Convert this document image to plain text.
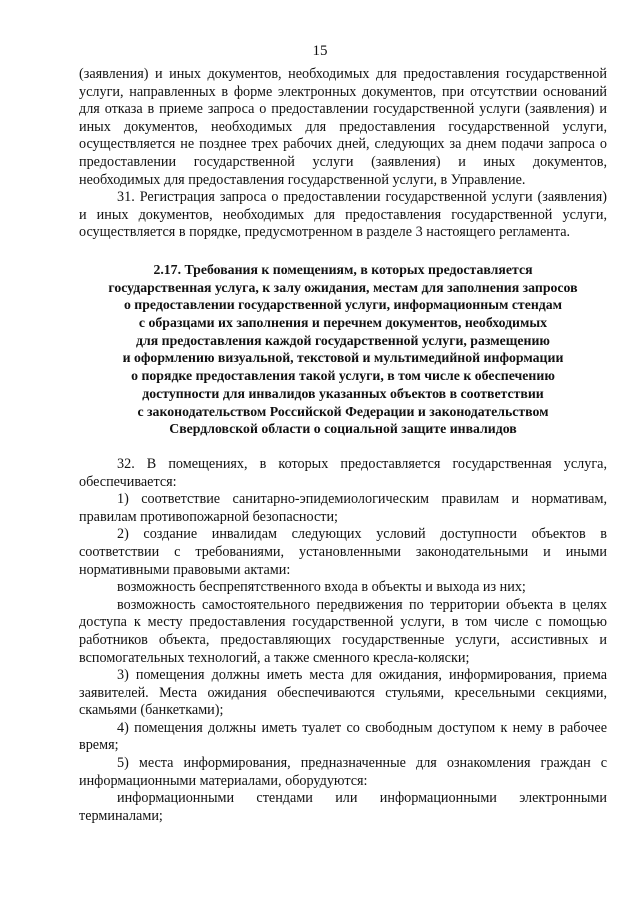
15

(заявления) и иных документов, необходимых для предоставления государственной услуги, направленных в форме электронных документов, при отсутствии оснований для отказа в приеме запроса о предоставлении государственной услуги (заявления) и иных документов, необходимых для предоставления государственной услуги, осуществляется не позднее трех рабочих дней, следующих за днем подачи запроса о предоставлении государственной услуги (заявления) и иных документов, необходимых для предоставления государственной услуги, в Управление.

31. Регистрация запроса о предоставлении государственной услуги (заявления) и иных документов, необходимых для предоставления государственной услуги, осуществляется в порядке, предусмотренном в разделе 3 настоящего регламента.

2.17. Требования к помещениям, в которых предоставляется
государственная услуга, к залу ожидания, местам для заполнения запросов
о предоставлении государственной услуги, информационным стендам
с образцами их заполнения и перечнем документов, необходимых
для предоставления каждой государственной услуги, размещению
и оформлению визуальной, текстовой и мультимедийной информации
о порядке предоставления такой услуги, в том числе к обеспечению
доступности для инвалидов указанных объектов в соответствии
с законодательством Российской Федерации и законодательством
Свердловской области о социальной защите инвалидов

32. В помещениях, в которых предоставляется государственная услуга, обеспечивается:

1) соответствие санитарно-эпидемиологическим правилам и нормативам, правилам противопожарной безопасности;

2) создание инвалидам следующих условий доступности объектов в соответствии с требованиями, установленными законодательными и иными нормативными правовыми актами:

возможность беспрепятственного входа в объекты и выхода из них;

возможность самостоятельного передвижения по территории объекта в целях доступа к месту предоставления государственной услуги, в том числе с помощью работников объекта, предоставляющих государственные услуги, ассистивных и вспомогательных технологий, а также сменного кресла-коляски;

3) помещения должны иметь места для ожидания, информирования, приема заявителей. Места ожидания обеспечиваются стульями, кресельными секциями, скамьями (банкетками);

4) помещения должны иметь туалет со свободным доступом к нему в рабочее время;

5) места информирования, предназначенные для ознакомления граждан с информационными материалами, оборудуются:

информационными стендами или информационными электронными терминалами;
